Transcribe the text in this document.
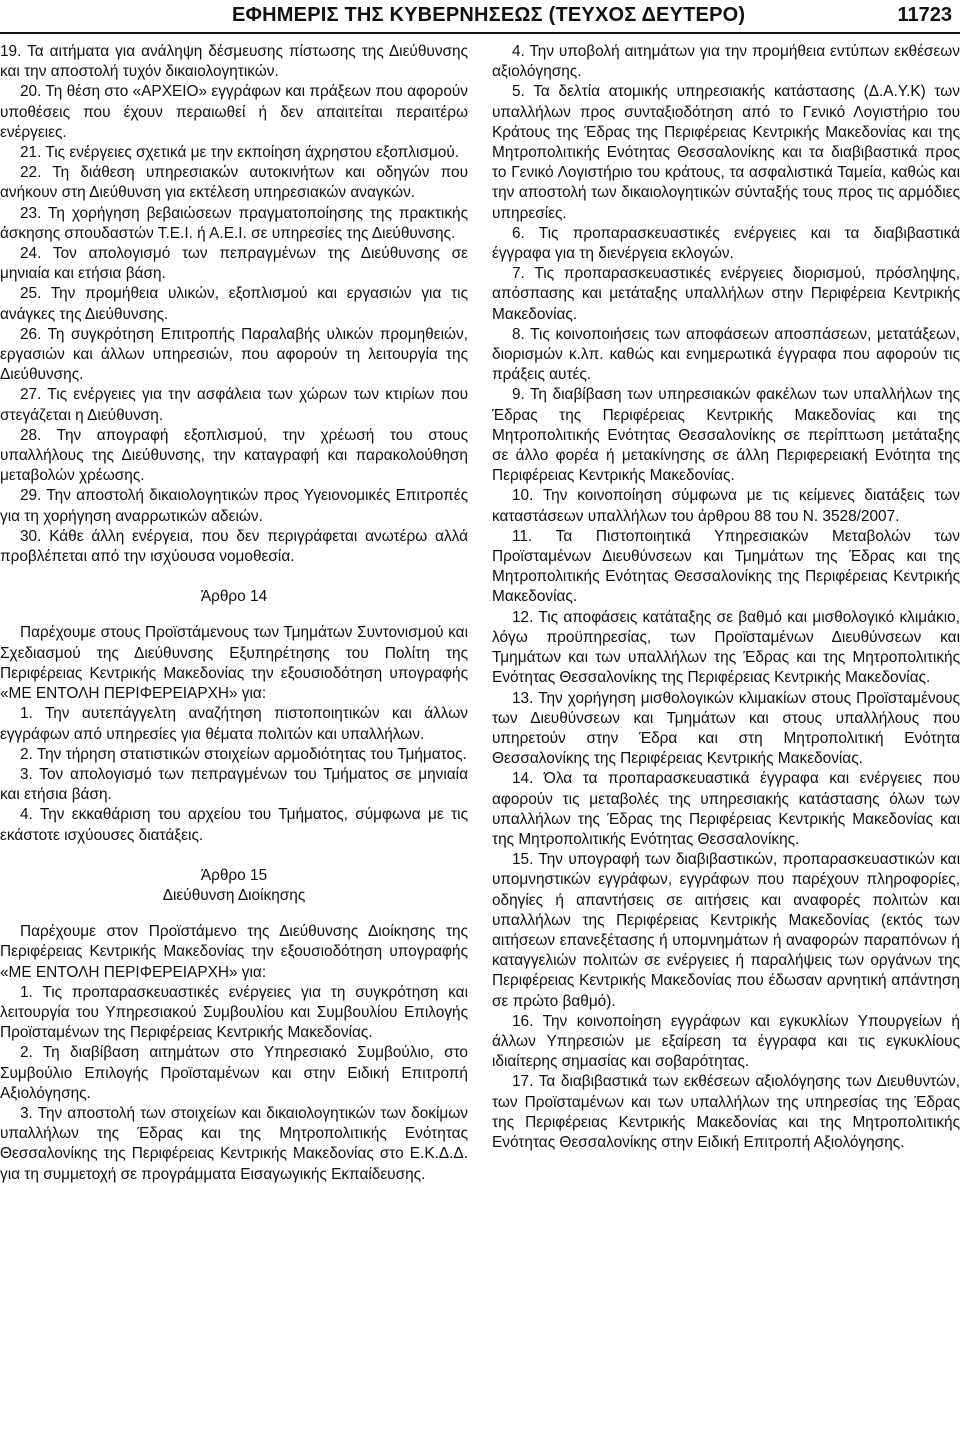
ΕΦΗΜΕΡΙΣ ΤΗΣ ΚΥΒΕΡΝΗΣΕΩΣ (ΤΕΥΧΟΣ ΔΕΥΤΕΡΟ)	11723

19. Τα αιτήματα για ανάληψη δέσμευσης πίστωσης της Διεύθυνσης και την αποστολή τυχόν δικαιολογητικών.

20. Τη θέση στο «ΑΡΧΕΙΟ» εγγράφων και πράξεων που αφορούν υποθέσεις που έχουν περαιωθεί ή δεν απαιτείται περαιτέρω ενέργειες.

21. Τις ενέργειες σχετικά με την εκποίηση άχρηστου εξοπλισμού.

22. Τη διάθεση υπηρεσιακών αυτοκινήτων και οδηγών που ανήκουν στη Διεύθυνση για εκτέλεση υπηρεσιακών αναγκών.

23. Τη χορήγηση βεβαιώσεων πραγματοποίησης της πρακτικής άσκησης σπουδαστών Τ.Ε.Ι. ή Α.Ε.Ι. σε υπηρεσίες της Διεύθυνσης.

24. Τον απολογισμό των πεπραγμένων της Διεύθυνσης σε μηνιαία και ετήσια βάση.

25. Την προμήθεια υλικών, εξοπλισμού και εργασιών για τις ανάγκες της Διεύθυνσης.

26. Τη συγκρότηση Επιτροπής Παραλαβής υλικών προμηθειών, εργασιών και άλλων υπηρεσιών, που αφορούν τη λειτουργία της Διεύθυνσης.

27. Τις ενέργειες για την ασφάλεια των χώρων των κτιρίων που στεγάζεται η Διεύθυνση.

28. Την απογραφή εξοπλισμού, την χρέωσή του στους υπαλλήλους της Διεύθυνσης, την καταγραφή και παρακολούθηση μεταβολών χρέωσης.

29. Την αποστολή δικαιολογητικών προς Υγειονομικές Επιτροπές για τη χορήγηση αναρρωτικών αδειών.

30. Κάθε άλλη ενέργεια, που δεν περιγράφεται ανωτέρω αλλά προβλέπεται από την ισχύουσα νομοθεσία.

Άρθρο 14

Παρέχουμε στους Προϊστάμενους των Τμημάτων Συντονισμού και Σχεδιασμού της Διεύθυνσης Εξυπηρέτησης του Πολίτη της Περιφέρειας Κεντρικής Μακεδονίας την εξουσιοδότηση υπογραφής «ΜΕ ΕΝΤΟΛΗ ΠΕΡΙΦΕΡΕΙΑΡΧΗ» για:

1. Την αυτεπάγγελτη αναζήτηση πιστοποιητικών και άλλων εγγράφων από υπηρεσίες για θέματα πολιτών και υπαλλήλων.

2. Την τήρηση στατιστικών στοιχείων αρμοδιότητας του Τμήματος.

3. Τον απολογισμό των πεπραγμένων του Τμήματος σε μηνιαία και ετήσια βάση.

4. Την εκκαθάριση του αρχείου του Τμήματος, σύμφωνα με τις εκάστοτε ισχύουσες διατάξεις.

Άρθρο 15
Διεύθυνση Διοίκησης

Παρέχουμε στον Προϊστάμενο της Διεύθυνσης Διοίκησης της Περιφέρειας Κεντρικής Μακεδονίας την εξουσιοδότηση υπογραφής «ΜΕ ΕΝΤΟΛΗ ΠΕΡΙΦΕΡΕΙΑΡΧΗ» για:

1. Τις προπαρασκευαστικές ενέργειες για τη συγκρότηση και λειτουργία του Υπηρεσιακού Συμβουλίου και Συμβουλίου Επιλογής Προϊσταμένων της Περιφέρειας Κεντρικής Μακεδονίας.

2. Τη διαβίβαση αιτημάτων στο Υπηρεσιακό Συμβούλιο, στο Συμβούλιο Επιλογής Προϊσταμένων και στην Ειδική Επιτροπή Αξιολόγησης.

3. Την αποστολή των στοιχείων και δικαιολογητικών των δοκίμων υπαλλήλων της Έδρας και της Μητροπολιτικής Ενότητας Θεσσαλονίκης της Περιφέρειας Κεντρικής Μακεδονίας στο Ε.Κ.Δ.Δ. για τη συμμετοχή σε προγράμματα Εισαγωγικής Εκπαίδευσης.

4. Την υποβολή αιτημάτων για την προμήθεια εντύπων εκθέσεων αξιολόγησης.

5. Τα δελτία ατομικής υπηρεσιακής κατάστασης (Δ.Α.Υ.Κ) των υπαλλήλων προς συνταξιοδότηση από το Γενικό Λογιστήριο του Κράτους της Έδρας της Περιφέρειας Κεντρικής Μακεδονίας και της Μητροπολιτικής Ενότητας Θεσσαλονίκης και τα διαβιβαστικά προς το Γενικό Λογιστήριο του κράτους, τα ασφαλιστικά Ταμεία, καθώς και την αποστολή των δικαιολογητικών σύνταξής τους προς τις αρμόδιες υπηρεσίες.

6. Τις προπαρασκευαστικές ενέργειες και τα διαβιβαστικά έγγραφα για τη διενέργεια εκλογών.

7. Τις προπαρασκευαστικές ενέργειες διορισμού, πρόσληψης, απόσπασης και μετάταξης υπαλλήλων στην Περιφέρεια Κεντρικής Μακεδονίας.

8. Τις κοινοποιήσεις των αποφάσεων αποσπάσεων, μετατάξεων, διορισμών κ.λπ. καθώς και ενημερωτικά έγγραφα που αφορούν τις πράξεις αυτές.

9. Τη διαβίβαση των υπηρεσιακών φακέλων των υπαλλήλων της Έδρας της Περιφέρειας Κεντρικής Μακεδονίας και της Μητροπολιτικής Ενότητας Θεσσαλονίκης σε περίπτωση μετάταξης σε άλλο φορέα ή μετακίνησης σε άλλη Περιφερειακή Ενότητα της Περιφέρειας Κεντρικής Μακεδονίας.

10. Την κοινοποίηση σύμφωνα με τις κείμενες διατάξεις των καταστάσεων υπαλλήλων του άρθρου 88 του Ν. 3528/2007.

11. Τα Πιστοποιητικά Υπηρεσιακών Μεταβολών των Προϊσταμένων Διευθύνσεων και Τμημάτων της Έδρας και της Μητροπολιτικής Ενότητας Θεσσαλονίκης της Περιφέρειας Κεντρικής Μακεδονίας.

12. Τις αποφάσεις κατάταξης σε βαθμό και μισθολογικό κλιμάκιο, λόγω προϋπηρεσίας, των Προϊσταμένων Διευθύνσεων και Τμημάτων και των υπαλλήλων της Έδρας και της Μητροπολιτικής Ενότητας Θεσσαλονίκης της Περιφέρειας Κεντρικής Μακεδονίας.

13. Την χορήγηση μισθολογικών κλιμακίων στους Προϊσταμένους των Διευθύνσεων και Τμημάτων και στους υπαλλήλους που υπηρετούν στην Έδρα και στη Μητροπολιτική Ενότητα Θεσσαλονίκης της Περιφέρειας Κεντρικής Μακεδονίας.

14. Όλα τα προπαρασκευαστικά έγγραφα και ενέργειες που αφορούν τις μεταβολές της υπηρεσιακής κατάστασης όλων των υπαλλήλων της Έδρας της Περιφέρειας Κεντρικής Μακεδονίας και της Μητροπολιτικής Ενότητας Θεσσαλονίκης.

15. Την υπογραφή των διαβιβαστικών, προπαρασκευαστικών και υπομνηστικών εγγράφων, εγγράφων που παρέχουν πληροφορίες, οδηγίες ή απαντήσεις σε αιτήσεις και αναφορές πολιτών και υπαλλήλων της Περιφέρειας Κεντρικής Μακεδονίας (εκτός των αιτήσεων επανεξέτασης ή υπομνημάτων ή αναφορών παραπόνων ή καταγγελιών πολιτών σε ενέργειες ή παραλήψεις των οργάνων της Περιφέρειας Κεντρικής Μακεδονίας που έδωσαν αρνητική απάντηση σε πρώτο βαθμό).

16. Την κοινοποίηση εγγράφων και εγκυκλίων Υπουργείων ή άλλων Υπηρεσιών με εξαίρεση τα έγγραφα και τις εγκυκλίους ιδιαίτερης σημασίας και σοβαρότητας.

17. Τα διαβιβαστικά των εκθέσεων αξιολόγησης των Διευθυντών, των Προϊσταμένων και των υπαλλήλων της υπηρεσίας της Έδρας της Περιφέρειας Κεντρικής Μακεδονίας και της Μητροπολιτικής Ενότητας Θεσσαλονίκης στην Ειδική Επιτροπή Αξιολόγησης.
